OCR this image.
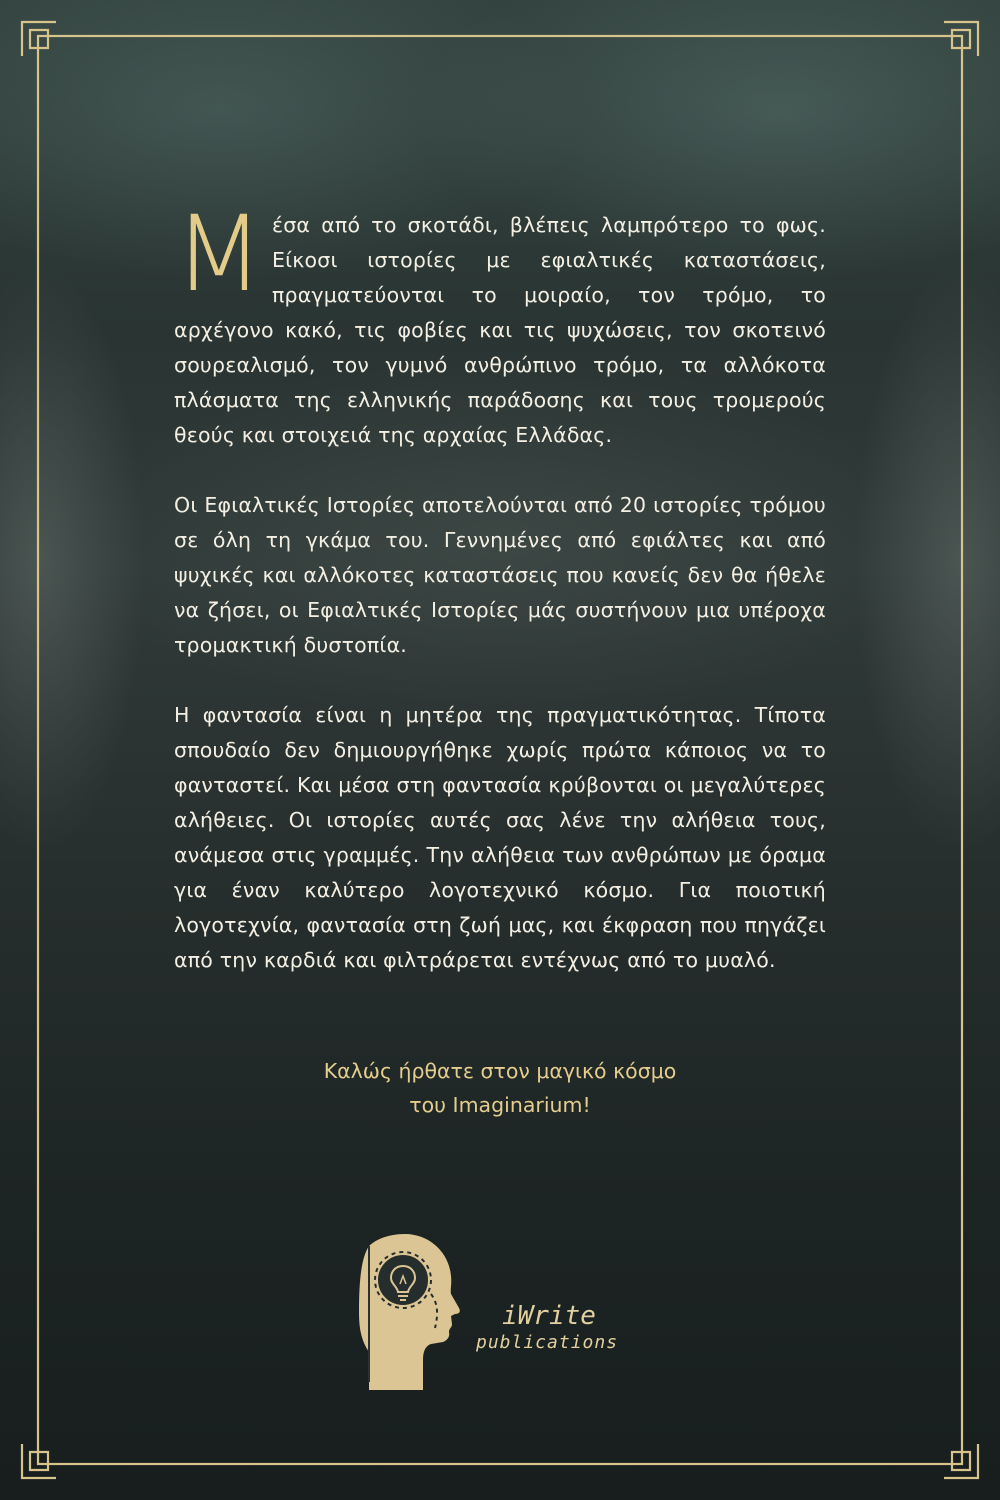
Μέσα από το σκοτάδι, βλέπεις λαμπρότερο το φως. Είκοσι ιστορίες με εφιαλτικές καταστάσεις, πραγματεύονται το μοιραίο, τον τρόμο, το αρχέγονο κακό, τις φοβίες και τις ψυχώσεις, τον σκοτεινό σουρεαλισμό, τον γυμνό ανθρώπινο τρόμο, τα αλλόκοτα πλάσματα της ελληνικής παράδοσης και τους τρομερούς θεούς και στοιχειά της αρχαίας Ελλάδας.

Οι Εφιαλτικές Ιστορίες αποτελούνται από 20 ιστορίες τρόμου σε όλη τη γκάμα του. Γεννημένες από εφιάλτες και από ψυχικές και αλλόκοτες καταστάσεις που κανείς δεν θα ήθελε να ζήσει, οι Εφιαλτικές Ιστορίες μάς συστήνουν μια υπέροχα τρομακτική δυστοπία.

Η φαντασία είναι η μητέρα της πραγματικότητας. Τίποτα σπουδαίο δεν δημιουργήθηκε χωρίς πρώτα κάποιος να το φανταστεί. Και μέσα στη φαντασία κρύβονται οι μεγαλύτερες αλήθειες. Οι ιστορίες αυτές σας λένε την αλήθεια τους, ανάμεσα στις γραμμές. Την αλήθεια των ανθρώπων με όραμα για έναν καλύτερο λογοτεχνικό κόσμο. Για ποιοτική λογοτεχνία, φαντασία στη ζωή μας, και έκφραση που πηγάζει από την καρδιά και φιλτράρεται εντέχνως από το μυαλό.

Καλώς ήρθατε στον μαγικό κόσμο
του Imaginarium!
iWrite
publications
